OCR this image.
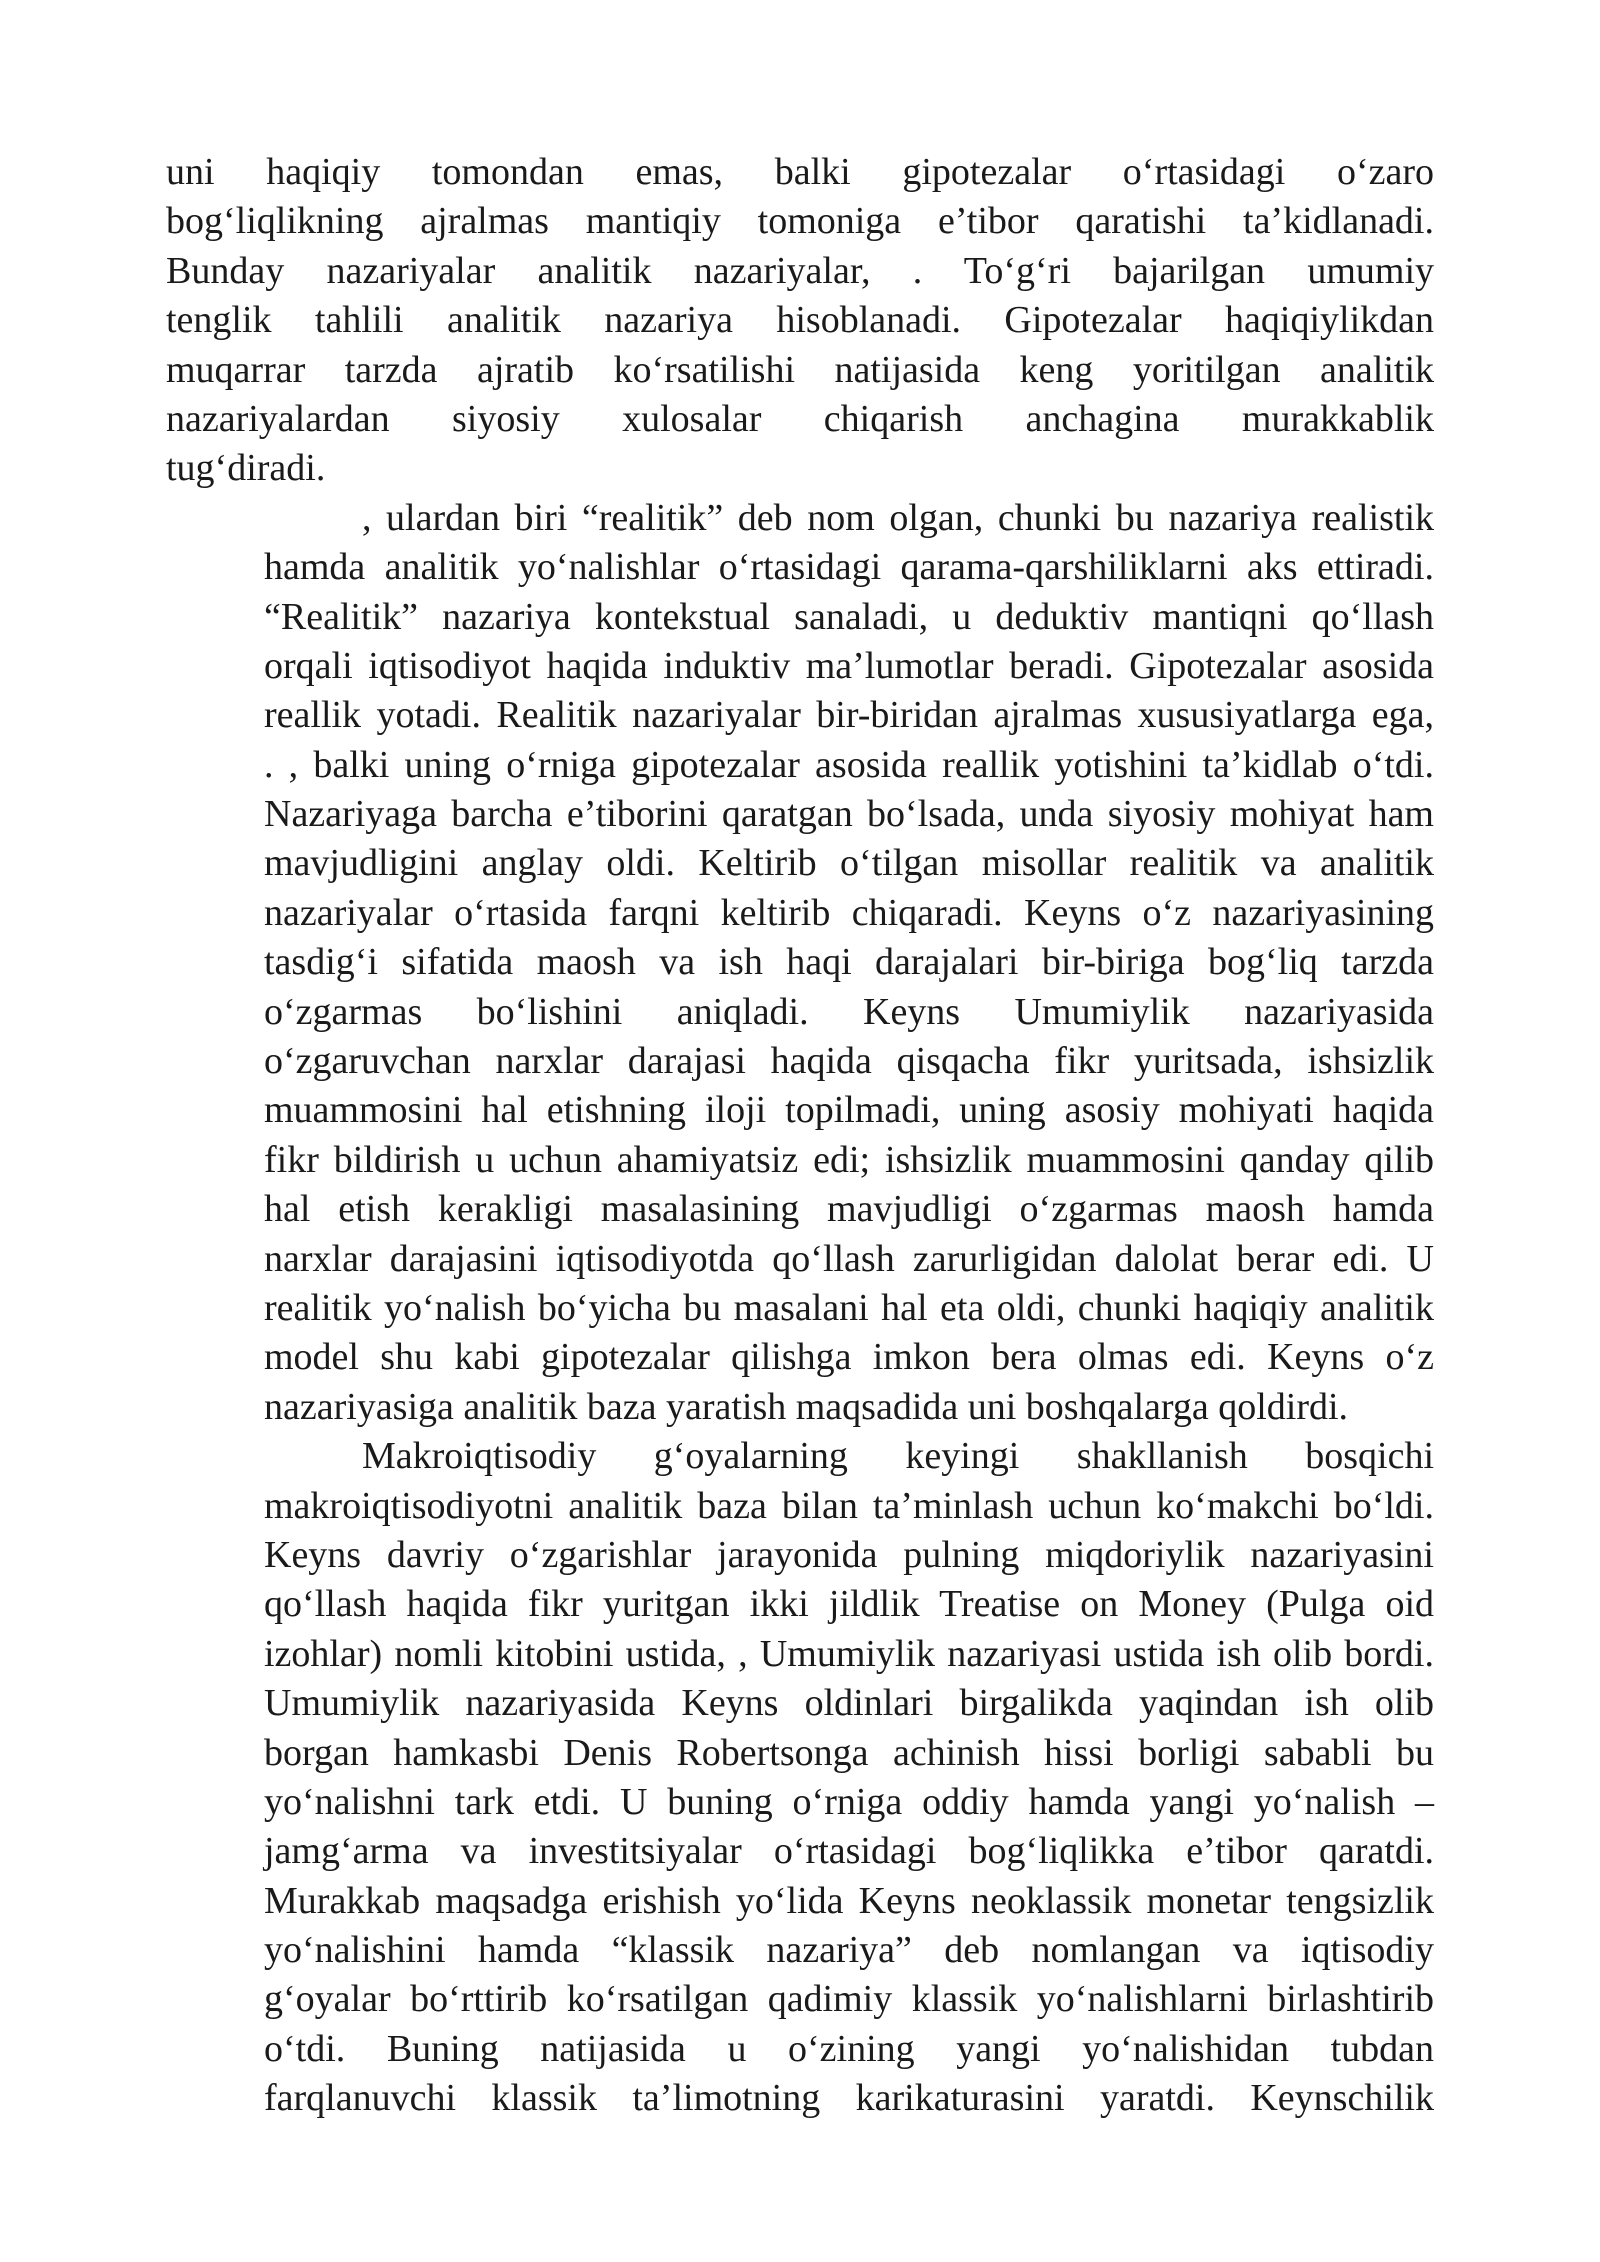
uni haqiqiy tomondan emas, balki gipotezalar o‘rtasidagi o‘zaro
bog‘liqlikning ajralmas mantiqiy tomoniga e’tibor qaratishi ta’kidlanadi.
Bunday nazariyalar analitik nazariyalar, . To‘g‘ri bajarilgan umumiy
tenglik tahlili analitik nazariya hisoblanadi. Gipotezalar haqiqiylikdan
muqarrar tarzda ajratib ko‘rsatilishi natijasida keng yoritilgan analitik
nazariyalardan siyosiy xulosalar chiqarish anchagina murakkablik
tug‘diradi.
, ulardan biri “realitik” deb nom olgan, chunki bu nazariya realistik
hamda analitik yo‘nalishlar o‘rtasidagi qarama-qarshiliklarni aks ettiradi.
“Realitik” nazariya kontekstual sanaladi, u deduktiv mantiqni qo‘llash
orqali iqtisodiyot haqida induktiv ma’lumotlar beradi. Gipotezalar asosida
reallik yotadi. Realitik nazariyalar bir-biridan ajralmas xususiyatlarga ega,
. , balki uning o‘rniga gipotezalar asosida reallik yotishini ta’kidlab o‘tdi.
Nazariyaga barcha e’tiborini qaratgan bo‘lsada, unda siyosiy mohiyat ham
mavjudligini anglay oldi. Keltirib o‘tilgan misollar realitik va analitik
nazariyalar o‘rtasida farqni keltirib chiqaradi. Keyns o‘z nazariyasining
tasdig‘i sifatida maosh va ish haqi darajalari bir-biriga bog‘liq tarzda
o‘zgarmas bo‘lishini aniqladi. Keyns Umumiylik nazariyasida
o‘zgaruvchan narxlar darajasi haqida qisqacha fikr yuritsada, ishsizlik
muammosini hal etishning iloji topilmadi, uning asosiy mohiyati haqida
fikr bildirish u uchun ahamiyatsiz edi; ishsizlik muammosini qanday qilib
hal etish kerakligi masalasining mavjudligi o‘zgarmas maosh hamda
narxlar darajasini iqtisodiyotda qo‘llash zarurligidan dalolat berar edi. U
realitik yo‘nalish bo‘yicha bu masalani hal eta oldi, chunki haqiqiy analitik
model shu kabi gipotezalar qilishga imkon bera olmas edi. Keyns o‘z
nazariyasiga analitik baza yaratish maqsadida uni boshqalarga qoldirdi.
Makroiqtisodiy g‘oyalarning keyingi shakllanish bosqichi
makroiqtisodiyotni analitik baza bilan ta’minlash uchun ko‘makchi bo‘ldi.
Keyns davriy o‘zgarishlar jarayonida pulning miqdoriylik nazariyasini
qo‘llash haqida fikr yuritgan ikki jildlik Treatise on Money (Pulga oid
izohlar) nomli kitobini ustida, , Umumiylik nazariyasi ustida ish olib bordi.
Umumiylik nazariyasida Keyns oldinlari birgalikda yaqindan ish olib
borgan hamkasbi Denis Robertsonga achinish hissi borligi sababli bu
yo‘nalishni tark etdi. U buning o‘rniga oddiy hamda yangi yo‘nalish –
jamg‘arma va investitsiyalar o‘rtasidagi bog‘liqlikka e’tibor qaratdi.
Murakkab maqsadga erishish yo‘lida Keyns neoklassik monetar tengsizlik
yo‘nalishini hamda “klassik nazariya” deb nomlangan va iqtisodiy
g‘oyalar bo‘rttirib ko‘rsatilgan qadimiy klassik yo‘nalishlarni birlashtirib
o‘tdi. Buning natijasida u o‘zining yangi yo‘nalishidan tubdan
farqlanuvchi klassik ta’limotning karikaturasini yaratdi. Keynschilik
